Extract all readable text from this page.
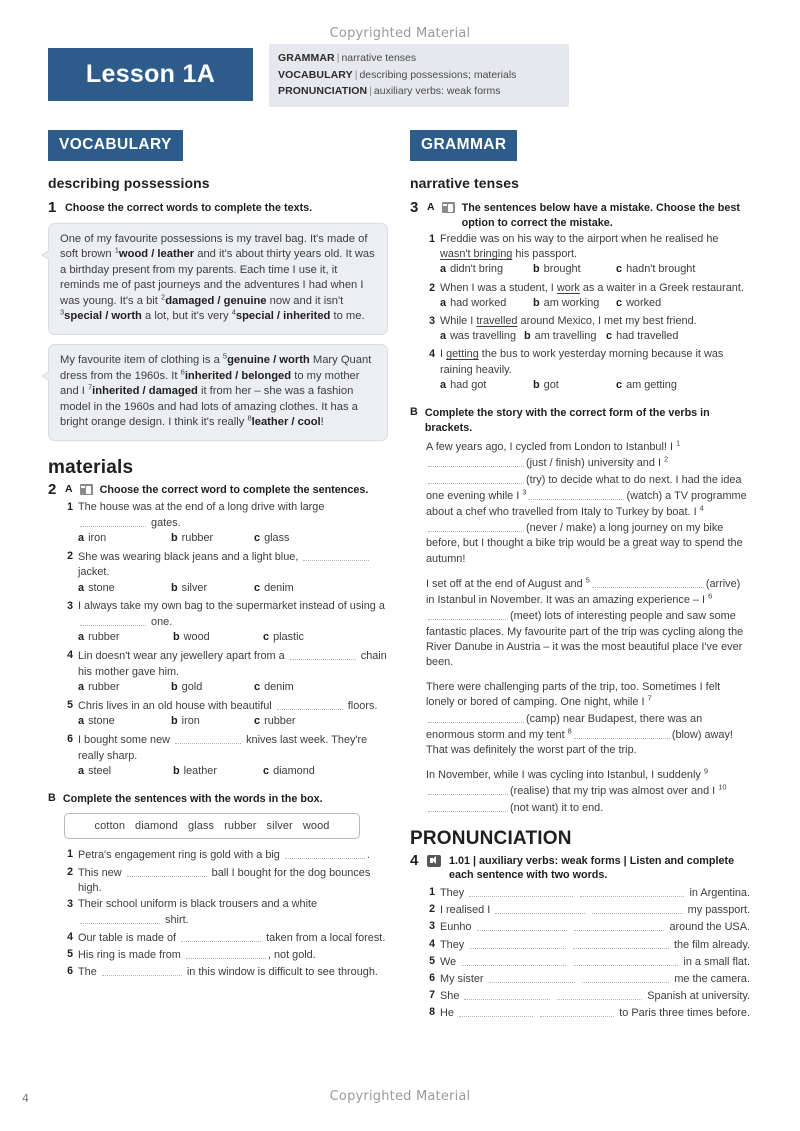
Copyrighted Material
Copyrighted Material
4
Lesson 1A
GRAMMAR | narrative tenses
VOCABULARY | describing possessions; materials
PRONUNCIATION | auxiliary verbs: weak forms
VOCABULARY
describing possessions
1 Choose the correct words to complete the texts.
One of my favourite possessions is my travel bag. It's made of soft brown $^1$wood / leather and it's about thirty years old. It was a birthday present from my parents. Each time I use it, it reminds me of past journeys and the adventures I had when I was young. It's a bit $^2$damaged / genuine now and it isn't $^3$special / worth a lot, but it's very $^4$special / inherited to me.
My favourite item of clothing is a $^5$genuine / worth Mary Quant dress from the 1960s. It $^6$inherited / belonged to my mother and I $^7$inherited / damaged it from her – she was a fashion model in the 1960s and had lots of amazing clothes. It has a bright orange design. I think it's really $^8$leather / cool!
materials
2 A	Choose the correct word to complete the sentences.
1 The house was at the end of a long drive with large  gates.
a iron	b rubber	c glass
2 She was wearing black jeans and a light blue,  jacket.
a stone	b silver	c denim
3 I always take my own bag to the supermarket instead of using a  one.
a rubber	b wood	c plastic
4 Lin doesn't wear any jewellery apart from a	chain his mother gave him.
a rubber	b gold	c denim
5 Chris lives in an old house with beautiful	floors.
a stone	b iron	c rubber
6 I bought some new	knives last week. They're really sharp.
a steel	b leather	c diamond
B Complete the sentences with the words in the box.
cotton diamond glass rubber silver wood
1 Petra's engagement ring is gold with a big	.
2 This new	ball I bought for the dog bounces high.
3 Their school uniform is black trousers and a white  shirt.
4 Our table is made of	taken from a local forest.
5 His ring is made from	, not gold.
6 The	in this window is difficult to see through.
GRAMMAR
narrative tenses
3 A	The sentences below have a mistake. Choose the best option to correct the mistake.
1 Freddie was on his way to the airport when he realised he wasn't bringing his passport.
a didn't bring	b brought	c hadn't brought
2 When I was a student, I work as a waiter in a Greek restaurant.
a had worked b am working c worked
3 While I travelled around Mexico, I met my best friend.
a was travelling b am travelling c had travelled
4 I getting the bus to work yesterday morning because it was raining heavily.
a had got	b got	c am getting
B Complete the story with the correct form of the verbs in brackets.

A few years ago, I cycled from London to Istanbul! I $^1$(just / finish) university and I $^2$(try) to decide what to do next. I had the idea one evening while I $^3$	(watch) a TV programme about a chef who travelled from Italy to Turkey by boat. I $^4$(never / make) a long journey on my bike before, but I thought a bike trip would be a great way to spend the autumn!

I set off at the end of August and $^5$	(arrive) in Istanbul in November. It was an amazing experience – I $^6$(meet) lots of interesting people and saw some fantastic places. My favourite part of the trip was cycling along the River Danube in Austria – it was the most beautiful place I've ever been.

There were challenging parts of the trip, too. Sometimes I felt lonely or bored of camping. One night, while I $^7$(camp) near Budapest, there was an enormous storm and my tent $^8$	(blow) away! That was definitely the worst part of the trip.

In November, while I was cycling into Istanbul, I suddenly $^9$(realise) that my trip was almost over and I $^{10}$(not want) it to end.

PRONUNCIATION
4	1.01 | auxiliary verbs: weak forms | Listen and complete each sentence with two words.
1 They	in Argentina.
2 I realised I	my passport.
3 Eunho	around the USA.
4 They	the film already.
5 We	in a small flat.
6 My sister	me the camera.
7 She	Spanish at university.
8 He	to Paris three times before.
